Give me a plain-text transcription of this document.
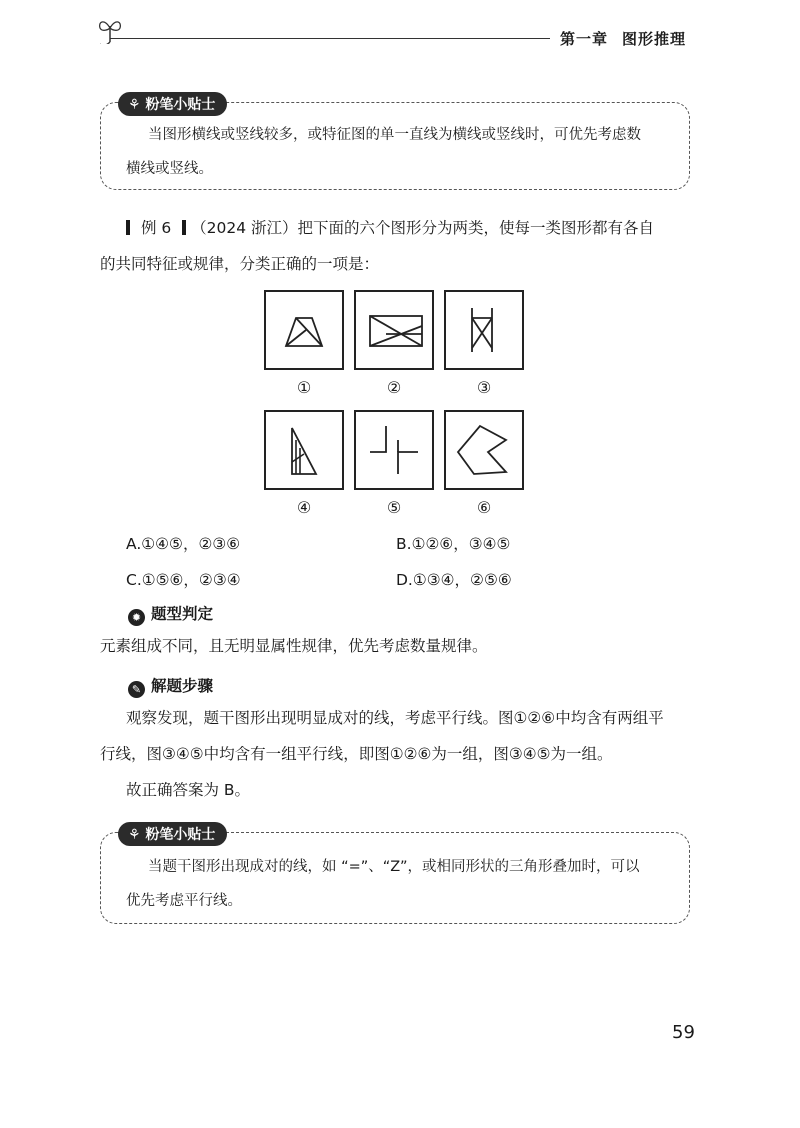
第一章 图形推理
⚘ 粉笔小贴士
当图形横线或竖线较多，或特征图的单一直线为横线或竖线时，可优先考虑数
横线或竖线。
例 6 （2024 浙江）把下面的六个图形分为两类，使每一类图形都有各自
的共同特征或规律，分类正确的一项是：
①	②	③
④	⑤	⑥
A.①④⑤，②③⑥	B.①②⑥，③④⑤
C.①⑤⑥，②③④	D.①③④，②⑤⑥
✹ 题型判定
元素组成不同，且无明显属性规律，优先考虑数量规律。
✎ 解题步骤
观察发现，题干图形出现明显成对的线，考虑平行线。图①②⑥中均含有两组平
行线，图③④⑤中均含有一组平行线，即图①②⑥为一组，图③④⑤为一组。
故正确答案为 B。
⚘ 粉笔小贴士
当题干图形出现成对的线，如 “=”、“Z”，或相同形状的三角形叠加时，可以
优先考虑平行线。
59
